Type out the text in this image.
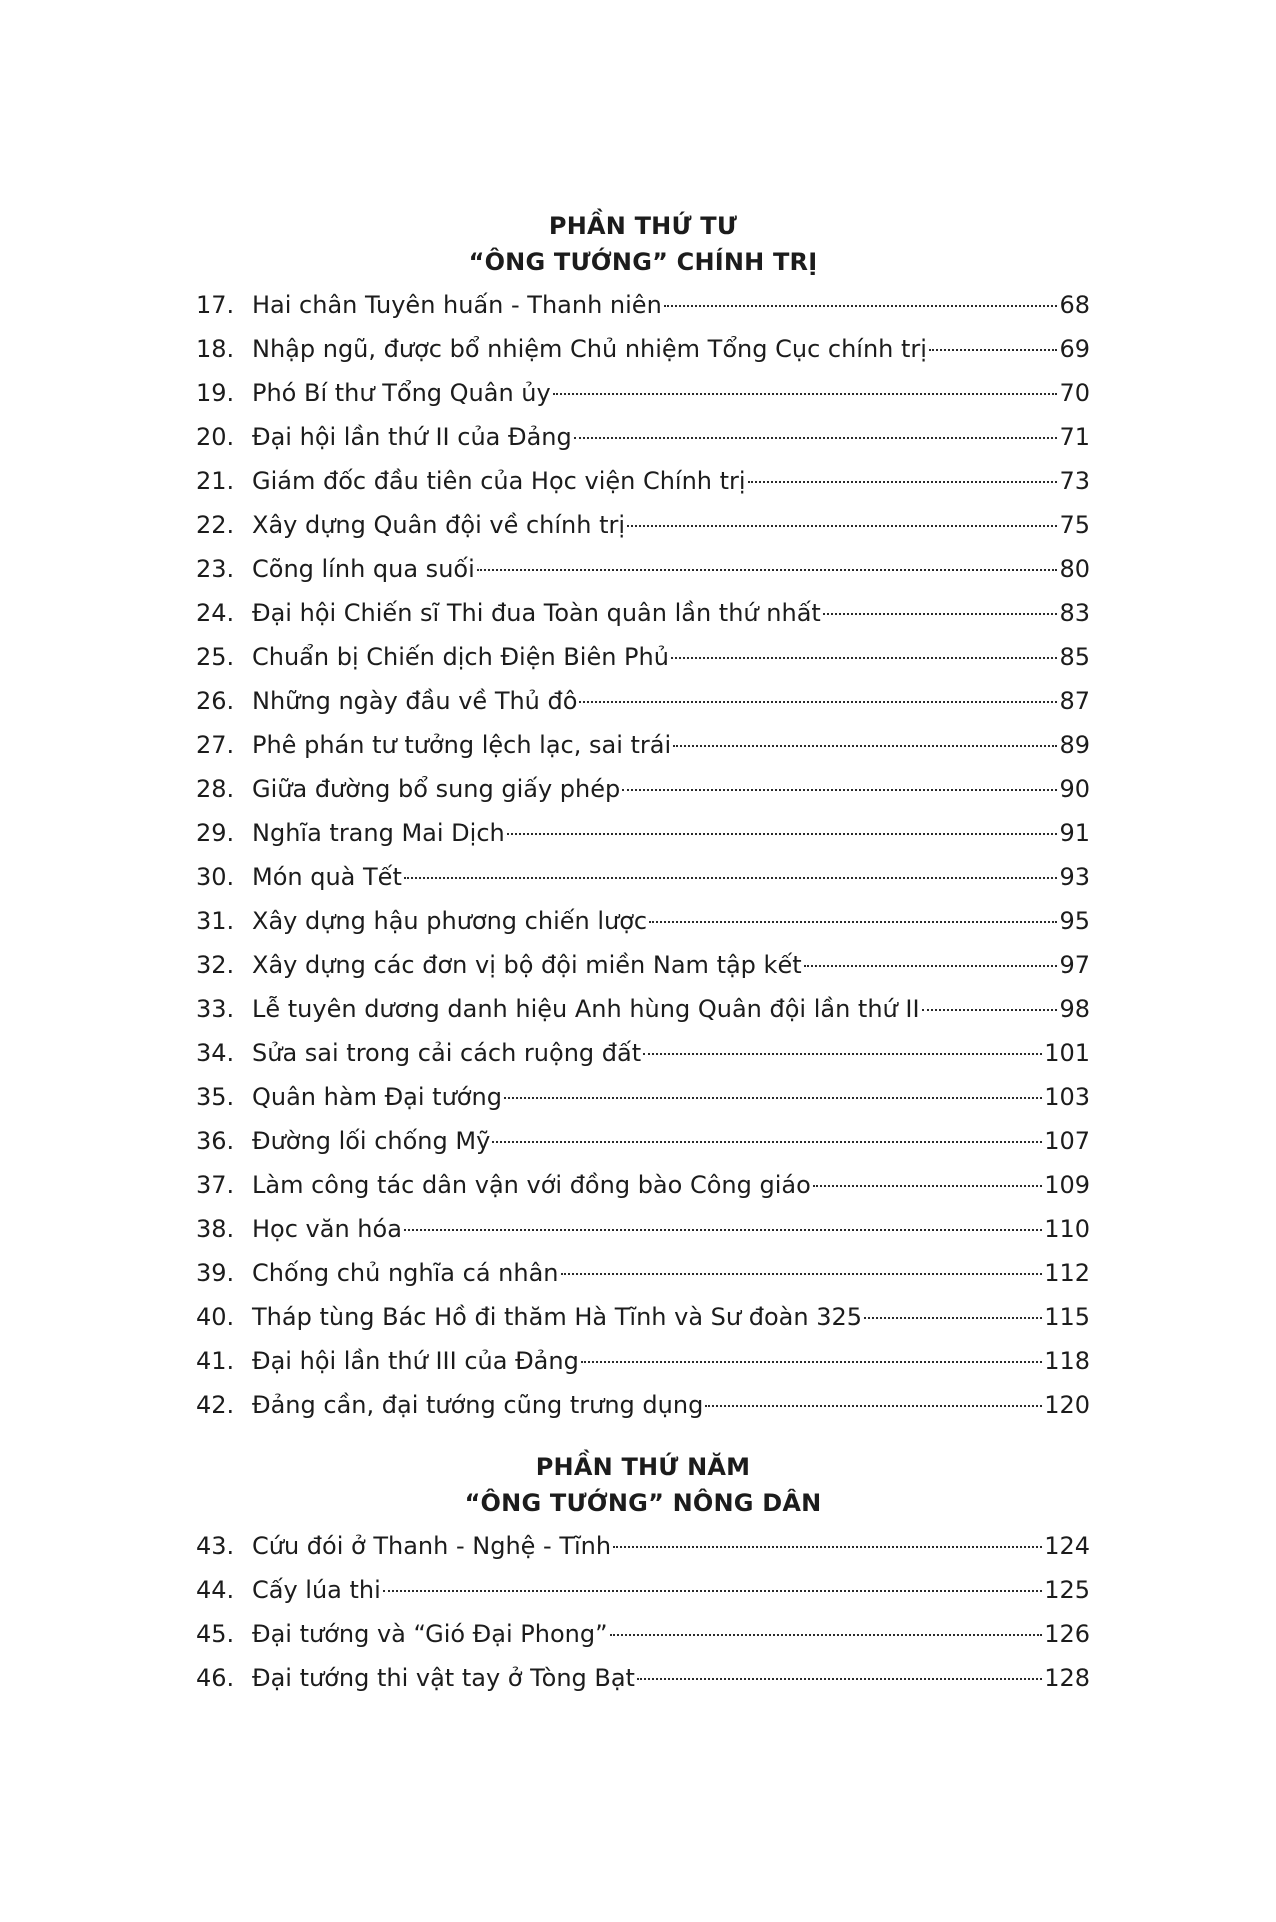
PHẦN THỨ TƯ
“ÔNG TƯỚNG” CHÍNH TRỊ
17. Hai chân Tuyên huấn - Thanh niên	68
18. Nhập ngũ, được bổ nhiệm Chủ nhiệm Tổng Cục chính trị	69
19. Phó Bí thư Tổng Quân ủy	70
20. Đại hội lần thứ II của Đảng	71
21. Giám đốc đầu tiên của Học viện Chính trị	73
22. Xây dựng Quân đội về chính trị	75
23. Cõng lính qua suối	80
24. Đại hội Chiến sĩ Thi đua Toàn quân lần thứ nhất	83
25. Chuẩn bị Chiến dịch Điện Biên Phủ	85
26. Những ngày đầu về Thủ đô	87
27. Phê phán tư tưởng lệch lạc, sai trái	89
28. Giữa đường bổ sung giấy phép	90
29. Nghĩa trang Mai Dịch	91
30. Món quà Tết	93
31. Xây dựng hậu phương chiến lược	95
32. Xây dựng các đơn vị bộ đội miền Nam tập kết	97
33. Lễ tuyên dương danh hiệu Anh hùng Quân đội lần thứ II	98
34. Sửa sai trong cải cách ruộng đất	101
35. Quân hàm Đại tướng	103
36. Đường lối chống Mỹ	107
37. Làm công tác dân vận với đồng bào Công giáo	109
38. Học văn hóa	110
39. Chống chủ nghĩa cá nhân	112
40. Tháp tùng Bác Hồ đi thăm Hà Tĩnh và Sư đoàn 325	115
41. Đại hội lần thứ III của Đảng	118
42. Đảng cần, đại tướng cũng trưng dụng	120
PHẦN THỨ NĂM
“ÔNG TƯỚNG” NÔNG DÂN
43. Cứu đói ở Thanh - Nghệ - Tĩnh	124
44. Cấy lúa thi	125
45. Đại tướng và “Gió Đại Phong”	126
46. Đại tướng thi vật tay ở Tòng Bạt	128
